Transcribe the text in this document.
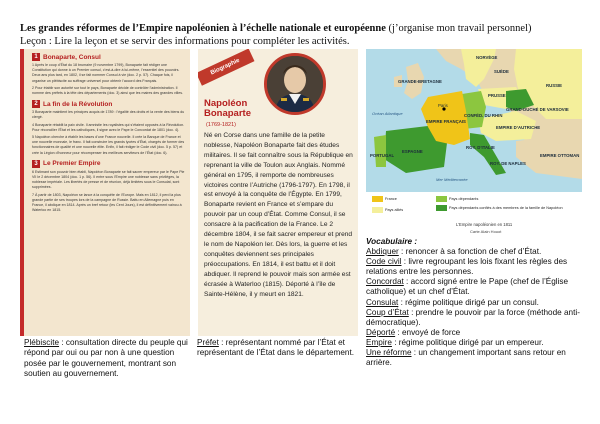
Les grandes réformes de l’Empire napoléonien à l’échelle nationale et européenne (j’organise mon travail personnel)
Leçon : Lire la leçon et se servir des informations pour compléter les activités.
1 Bonaparte, Consul
1 Après le coup d’État du 18 brumaire (9 novembre 1799), Bonaparte fait rédiger une Constitution qui donne à un Premier consul, c’est-à-dire à lui-même, l’essentiel des pouvoirs. Deux ans plus tard, en 1802, il se fait nommer Consul à vie (doc. 2 p. 57). Chaque fois, il organise un plébiscite au suffrage universel pour obtenir l’accord des Français.
2 Pour établir son autorité sur tout le pays, Bonaparte décide de contrôler l’administration. Il nomme des préfets à la tête des départements (doc. 3) ainsi que les maires des grandes villes.
2 La fin de la Révolution
3 Bonaparte maintient les principes acquis de 1789 : l’égalité des droits et la vente des biens du clergé.
4 Bonaparte rétablit la paix civile. Il amnistie les royalistes qui s’étaient opposés à la Révolution. Pour réconcilier l’État et les catholiques, il signe avec le Pape le Concordat de 1801 (doc. 4).
5 Napoléon cherche à établir les bases d’une France nouvelle. Il crée la Banque de France et une nouvelle monnaie, le franc. Il fait construire les grands lycées d’État, chargés de former des fonctionnaires de qualité et une nouvelle élite. Enfin, il fait rédiger le Code civil (doc. 5 p. 57) et crée la Légion d’honneur pour récompenser les meilleurs serviteurs de l’État (doc. 6).
3 Le Premier Empire
6 Estimant son pouvoir bien établi, Napoléon Bonaparte se fait sacrer empereur par le Pape Pie VII le 2 décembre 1804 (doc. 1 p. 56). Il entre sous l’Empire une noblesse sans privilèges, la noblesse impériale. Les libertés de presse et de réunion, déjà limitées sous le Consulat, sont supprimées.
7 À partir de 1803, Napoléon se lance à la conquête de l’Europe. Mais en 1812, il perd la plus grande partie de ses troupes lors de la campagne de Russie. Battu en Allemagne puis en France, il abdique en 1814. Après un bref retour (les Cent Jours), il est définitivement vaincu à Waterloo en 1815.
Biographie
Napoléon
Bonaparte
(1769-1821)
Né en Corse dans une famille de la petite noblesse, Napoléon Bonaparte fait des études militaires. Il se fait connaître sous la République en reprenant la ville de Toulon aux Anglais. Nommé général en 1795, il remporte de nombreuses victoires contre l’Autriche (1796-1797). En 1798, il est envoyé à la conquête de l’Égypte. En 1799, Bonaparte revient en France et s’empare du pouvoir par un coup d’État. Comme Consul, il se consacre à la pacification de la France. Le 2 décembre 1804, il se fait sacrer empereur et prend le nom de Napoléon Ier. Dès lors, la guerre et les conquêtes deviennent ses principales préoccupations. En 1814, il est battu et il doit abdiquer. Il reprend le pouvoir mais son armée est écrasée à Waterloo (1815). Déporté à l’île de Sainte-Hélène, il y meurt en 1821.
NORVÈGE
SUÈDE
GRANDE-BRETAGNE
RUSSIE
PRUSSE
GRAND-DUCHÉ DE VARSOVIE
CONFÉD. DU RHIN
EMPIRE FRANÇAIS
EMPIRE D’AUTRICHE
PORTUGAL
ESPAGNE
ROY. D’ITALIE
ROY. DE NAPLES
EMPIRE OTTOMAN
Paris
Océan Atlantique
Mer Méditerranée
France
Pays alliés
Pays dépendants
Pays dépendants confiés à des membres de la famille de Napoléon
L’Empire napoléonien en 1811
Carte Alain Houot

Vocabulaire :

Abdiquer : renoncer à sa fonction de chef d’État.

Code civil : livre regroupant les lois fixant les règles des relations entre les personnes.

Concordat : accord signé entre le Pape (chef de l’Église catholique) et un chef d’État.

Consulat : régime politique dirigé par un consul.

Coup d’État : prendre le pouvoir par la force (méthode anti-démocratique).

Déporté : envoyé de force

Empire : régime politique dirigé par un empereur.

Une réforme : un changement important sans retour en arrière.

Plébiscite : consultation directe du peuple qui répond par oui ou par non à une question posée par le gouvernement, montrant son soutien au gouvernement.
Préfet : représentant nommé par l’État et représentant de l’État dans le département.
